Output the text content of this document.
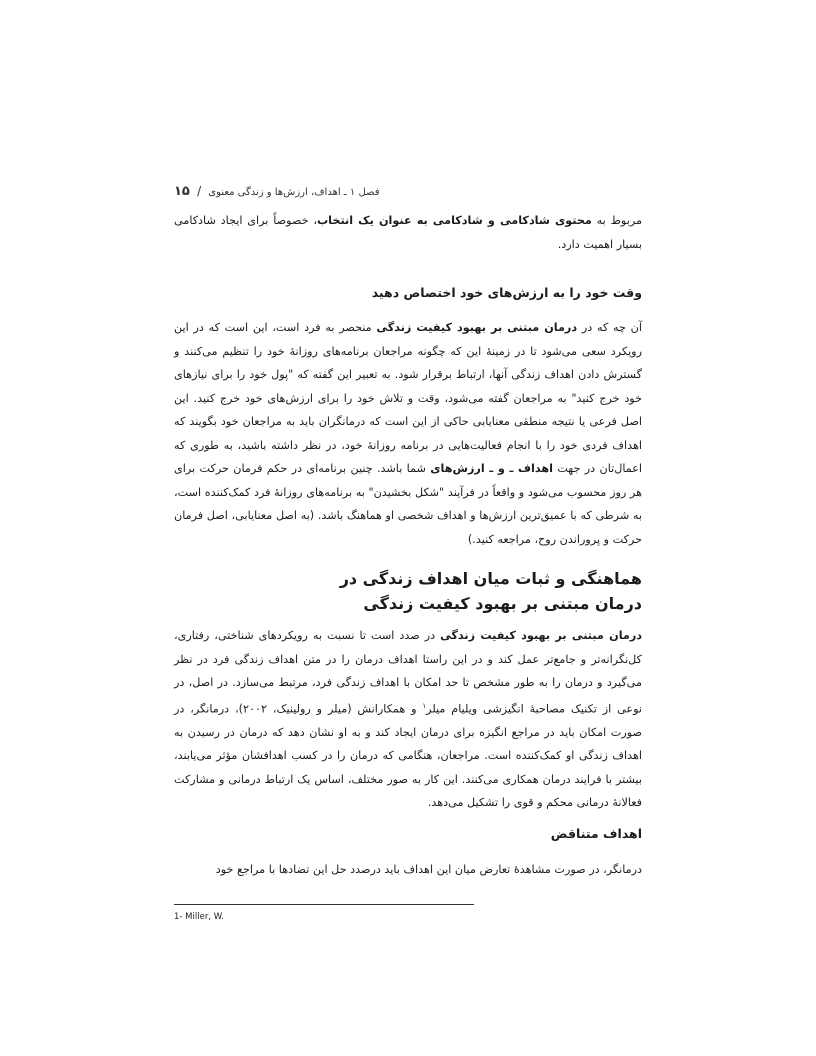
۱۵ / فصل ۱ ـ اهداف، ارزش‌ها و زندگی معنوی

مربوط به محتوی شادکامی و شادکامی به عنوان یک انتخاب، خصوصاً برای ایجاد شادکامی بسیار اهمیت دارد.

وقت خود را به ارزش‌های خود اختصاص دهید

آن چه که در درمان مبتنی بر بهبود کیفیت زندگی منحصر به فرد است، این است که در این رویکرد سعی می‌شود تا در زمینهٔ این که چگونه مراجعان برنامه‌های روزانهٔ خود را تنظیم می‌کنند و گسترش دادن اهداف زندگی آنها، ارتباط برقرار شود. به تعبیر این گفته که "پول خود را برای نیازهای خود خرج کنید" به مراجعان گفته می‌شود، وقت و تلاش خود را برای ارزش‌های خود خرج کنید. این اصل فرعی یا نتیجه منطقی معنایابی حاکی از این است که درمانگران باید به مراجعان خود بگویند که اهداف فردی خود را با انجام فعالیت‌هایی در برنامه روزانهٔ خود، در نظر داشته باشید، به طوری که اعمال‌تان در جهت اهداف ـ و ـ ارزش‌های شما باشد. چنین برنامه‌ای در حکم فرمان حرکت برای هر روز محسوب می‌شود و واقعاً در فرآیند "شکل بخشیدن" به برنامه‌های روزانهٔ فرد کمک‌کننده است، به شرطی که با عمیق‌ترین ارزش‌ها و اهداف شخصی او هماهنگ باشد. (به اصل معنایابی، اصل فرمان حرکت و پروراندن روح، مراجعه کنید.)

هماهنگی و ثبات میان اهداف زندگی در
درمان مبتنی بر بهبود کیفیت زندگی

درمان مبتنی بر بهبود کیفیت زندگی در صدد است تا نسبت به رویکردهای شناختی، رفتاری، کل‌نگرانه‌تر و جامع‌تر عمل کند و در این راستا اهداف درمان را در متن اهداف زندگی فرد در نظر می‌گیرد و درمان را به طور مشخص تا حد امکان با اهداف زندگی فرد، مرتبط می‌سازد. در اصل، در نوعی از تکنیک مصاحبهٔ انگیزشی ویلیام میلر$^۱$ و همکارانش (میلر و رولینیک، ۲۰۰۲)، درمانگر، در صورت امکان باید در مراجع انگیزه برای درمان ایجاد کند و به او نشان دهد که درمان در رسیدن به اهداف زندگی او کمک‌کننده است. مراجعان، هنگامی که درمان را در کسب اهدافشان مؤثر می‌یابند، بیشتر با فرایند درمان همکاری می‌کنند. این کار به صور مختلف، اساس یک ارتباط درمانی و مشارکت فعالانهٔ درمانی محکم و قوی را تشکیل می‌دهد.

اهداف متناقض

درمانگر، در صورت مشاهدهٔ تعارض میان این اهداف باید درصدد حل این تضادها با مراجع خود

1- Miller, W.
